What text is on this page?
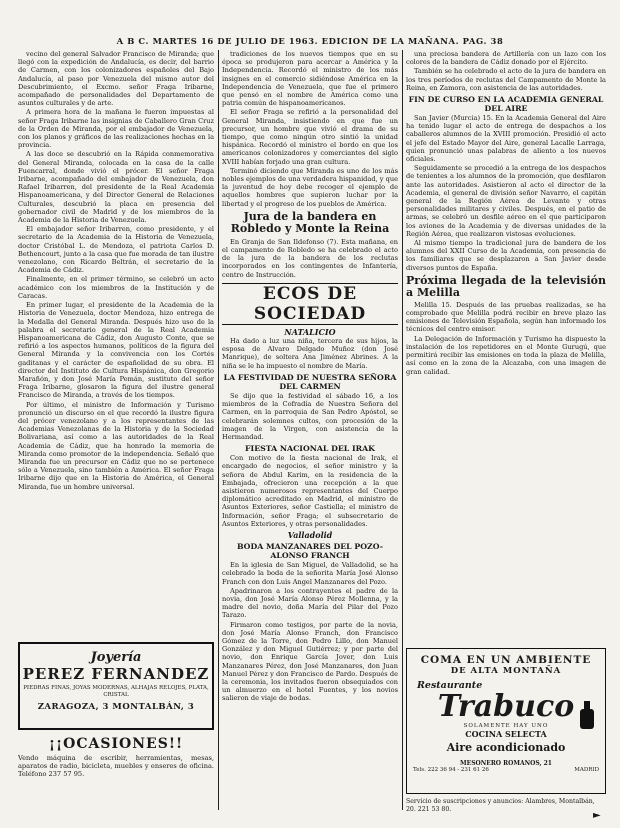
A B C. MARTES 16 DE JULIO DE 1963. EDICION DE LA MAÑANA. PAG. 38

vecino del general Salvador Francisco de Miranda; que llegó con la expedición de Andalucía, es decir, del barrio de Carmen, con los colonizadores españoles del Bajo Andalucía, al paso por Venezuela del mismo autor del Descubrimiento, el Excmo. señor Fraga Iribarne, acompañado de personalidades del Departamento de asuntos culturales y de arte.

A primera hora de la mañana le fueron impuestas al señor Fraga Iribarne las insignias de Caballero Gran Cruz de la Orden de Miranda, por el embajador de Venezuela, con los planos y gráficos de las realizaciones hechas en la provincia.

A las doce se descubrió en la Rápida conmemorativa del General Miranda, colocada en la casa de la calle Fuencarral, donde vivió el prócer. El señor Fraga Iribarne, acompañado del embajador de Venezuela, don Rafael Iribarren, del presidente de la Real Academia Hispanoamericana, y del Director General de Relaciones Culturales, descubrió la placa en presencia del gobernador civil de Madrid y de los miembros de la Academia de la Historia de Venezuela.

El embajador señor Iribarren, como presidente, y el secretario de la Academia de la Historia de Venezuela, doctor Cristóbal L. de Mendoza, el patriota Carlos D. Bethencourt, junto a la casa que fue morada de tan ilustre venezolano, con Ricardo Beltrán, el secretario de la Academia de Cádiz.

Finalmente, en el primer término, se celebró un acto académico con los miembros de la Institución y de Caracas.

En primer lugar, el presidente de la Academia de la Historia de Venezuela, doctor Mendoza, hizo entrega de la Medalla del General Miranda. Después hizo uso de la palabra el secretario general de la Real Academia Hispanoamericana de Cádiz, don Augusto Conte, que se refirió a los aspectos humanos, políticos de la figura del General Miranda y la convivencia con los Cortés gaditanas y el carácter de españolidad de su obra. El director del Instituto de Cultura Hispánica, don Gregorio Marañón, y don José María Pemán, sustituto del señor Fraga Iribarne, glosaron la figura del ilustre general Francisco de Miranda, a través de los tiempos.

Por último, el ministro de Información y Turismo pronunció un discurso en el que recordó la ilustre figura del prócer venezolano y a los representantes de las Academias Venezolanas de la Historia y de la Sociedad Bolivariana, así como a las autoridades de la Real Academia de Cádiz, que ha honrado la memoria de Miranda como promotor de la independencia. Señaló que Miranda fue un precursor en Cádiz que no se pertenece sólo a Venezuela, sino también a América. El señor Fraga Iribarne dijo que en la Historia de América, el General Miranda, fue un hombre universal.

Joyería
PEREZ FERNANDEZ
PIEDRAS FINAS, JOYAS MODERNAS, ALHAJAS RELOJES, PLATA, CRISTAL
ZARAGOZA, 3 MONTALBÁN, 3
¡¡OCASIONES!!
Vendo máquina de escribir, herramientas, mesas, aparatos de radio, bicicleta, muebles y enseres de oficina. Teléfono 237 57 95.

tradiciones de los nuevos tiempos que en su época se produjeron para acercar a América y la Independencia. Recordó el ministro de los más insignes en el comercio sidiéndose América en la Independencia de Venezuela, que fue el primero que pensó en el nombre de América como una patria común de hispanoamericanos.

El señor Fraga se refirió a la personalidad del General Miranda, insistiendo en que fue un precursor, un hombre que vivió el drama de su tiempo, que como ningún otro sintió la unidad hispánica. Recordó el ministro el bordo en que los americanos colonizadores y comerciantes del siglo XVIII habían forjado una gran cultura.

Terminó diciendo que Miranda es uno de los más nobles ejemplos de una verdadera hispanidad, y que la juventud de hoy debe recoger el ejemplo de aquellos hombres que supieron luchar por la libertad y el progreso de los pueblos de América.

Jura de la bandera en Robledo y Monte la Reina

En Granja de San Ildefonso (7). Esta mañana, en el campamento de Robledo se ha celebrado el acto de la jura de la bandera de los reclutas incorporados en los contingentes de Infantería, centro de Instrucción.

ECOS DE SOCIEDAD
NATALICIO

Ha dado a luz una niña, tercera de sus hijos, la esposa de Alvaro Delgado Muñoz (don José Manrique), de soltera Ana Jiménez Abrines. A la niña se le ha impuesto el nombre de María.

LA FESTIVIDAD DE NUESTRA SEÑORA DEL CARMEN

Se dijo que la festividad el sábado 16, a los miembros de la Cofradía de Nuestra Señora del Carmen, en la parroquia de San Pedro Apóstol, se celebrarán solemnes cultos, con procesión de la imagen de la Virgen, con asistencia de la Hermandad.

FIESTA NACIONAL DEL IRAK

Con motivo de la fiesta nacional de Irak, el encargado de negocios, el señor ministro y la señora de Abdul Karim, en la residencia de la Embajada, ofrecieron una recepción a la que asistieron numerosos representantes del Cuerpo diplomático acreditado en Madrid, el ministro de Asuntos Exteriores, señor Castiella; el ministro de Información, señor Fraga; el subsecretario de Asuntos Exteriores, y otras personalidades.

Valladolid
BODA MANZANARES DEL POZO-ALONSO FRANCH

En la iglesia de San Miguel, de Valladolid, se ha celebrado la boda de la señorita María José Alonso Franch con don Luis Angel Manzanares del Pozo.

Apadrinaron a los contrayentes el padre de la novia, don José María Alonso Pérez Mollenna, y la madre del novio, doña María del Pilar del Pozo Tarazo.

Firmaron como testigos, por parte de la novia, don José María Alonso Franch, don Francisco Gómez de la Torre, don Pedro Lillo, don Manuel González y don Miguel Gutiérrez; y por parte del novio, don Enrique García Jover, don Luis Manzanares Pérez, don José Manzanares, don Juan Manuel Pérez y don Francisco de Pardo. Después de la ceremonia, los invitados fueron obsequiados con un almuerzo en el hotel Fuentes, y los novios salieron de viaje de bodas.

una preciosa bandera de Artillería con un lazo con los colores de la bandera de Cádiz donado por el Ejército.

También se ha celebrado el acto de la jura de bandera en los tres períodos de reclutas del Campamento de Monte la Reina, en Zamora, con asistencia de las autoridades.

FIN DE CURSO EN LA ACADEMIA GENERAL DEL AIRE

San Javier (Murcia) 15. En la Academia General del Aire ha tenido lugar el acto de entrega de despachos a los caballeros alumnos de la XVIII promoción. Presidió el acto el jefe del Estado Mayor del Aire, general Lacalle Larraga, quien pronunció unas palabras de aliento a los nuevos oficiales.

Seguidamente se procedió a la entrega de los despachos de tenientes a los alumnos de la promoción, que desfilaron ante las autoridades. Asistieron al acto el director de la Academia, el general de división señor Navarro, el capitán general de la Región Aérea de Levante y otras personalidades militares y civiles. Después, en el patio de armas, se celebró un desfile aéreo en el que participaron los aviones de la Academia y de diversas unidades de la Región Aérea, que realizaron vistosas evoluciones.

Al mismo tiempo la tradicional jura de bandera de los alumnos del XXII Curso de la Academia, con presencia de los familiares que se desplazaron a San Javier desde diversos puntos de España.

Próxima llegada de la televisión a Melilla

Melilla 15. Después de las pruebas realizadas, se ha comprobado que Melilla podrá recibir en breve plazo las emisiones de Televisión Española, según han informado los técnicos del centro emisor.

La Delegación de Información y Turismo ha dispuesto la instalación de los repetidores en el Monte Gurugú, que permitirá recibir las emisiones en toda la plaza de Melilla, así como en la zona de la Alcazaba, con una imagen de gran calidad.

COMA EN UN AMBIENTE
DE ALTA MONTAÑA
Restaurante
Trabuco
SOLAMENTE HAY UNO
COCINA SELECTA
Aire acondicionado
MESONERO ROMANOS, 21
Tels. 222 36 94 - 231 61 26	MADRID
Servicio de suscripciones y anuncios: Alambres, Montalbán, 20. 221 53 80.
►
